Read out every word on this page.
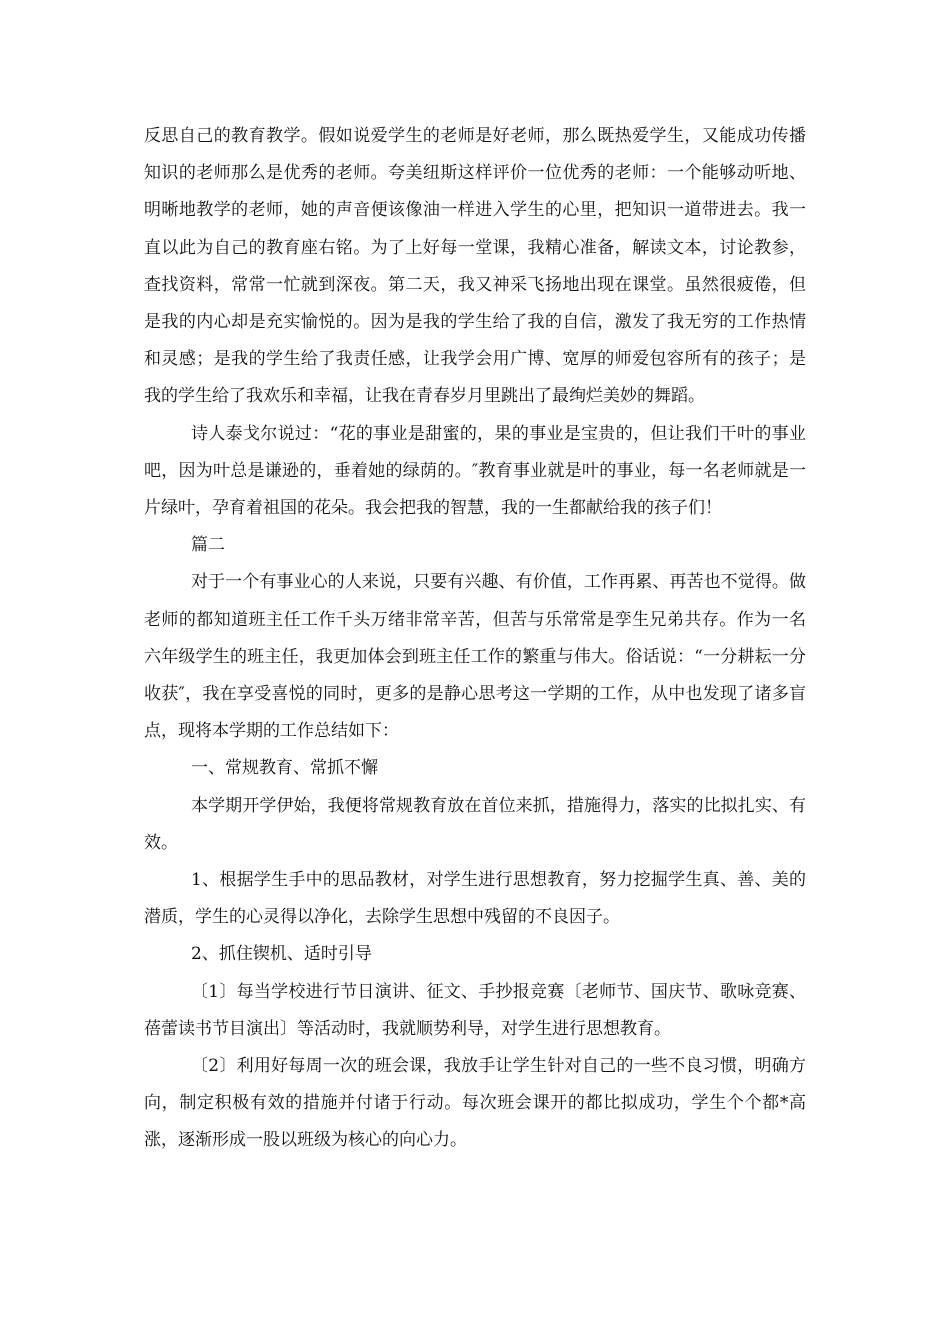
反思自己的教育教学。假如说爱学生的老师是好老师，那么既热爱学生，又能成功传播知识的老师那么是优秀的老师。夸美纽斯这样评价一位优秀的老师：一个能够动听地、明晰地教学的老师，她的声音便该像油一样进入学生的心里，把知识一道带进去。我一直以此为自己的教育座右铭。为了上好每一堂课，我精心准备，解读文本，讨论教参，查找资料，常常一忙就到深夜。第二天，我又神采飞扬地出现在课堂。虽然很疲倦，但是我的内心却是充实愉悦的。因为是我的学生给了我的自信，激发了我无穷的工作热情和灵感；是我的学生给了我责任感，让我学会用广博、宽厚的师爱包容所有的孩子；是我的学生给了我欢乐和幸福，让我在青春岁月里跳出了最绚烂美妙的舞蹈。

诗人泰戈尔说过：“花的事业是甜蜜的，果的事业是宝贵的，但让我们干叶的事业吧，因为叶总是谦逊的，垂着她的绿荫的。″教育事业就是叶的事业，每一名老师就是一片绿叶，孕育着祖国的花朵。我会把我的智慧，我的一生都献给我的孩子们！

篇二

对于一个有事业心的人来说，只要有兴趣、有价值，工作再累、再苦也不觉得。做老师的都知道班主任工作千头万绪非常辛苦，但苦与乐常常是孪生兄弟共存。作为一名六年级学生的班主任，我更加体会到班主任工作的繁重与伟大。俗话说：“一分耕耘一分收获″，我在享受喜悦的同时，更多的是静心思考这一学期的工作，从中也发现了诸多盲点，现将本学期的工作总结如下：

一、常规教育、常抓不懈

本学期开学伊始，我便将常规教育放在首位来抓，措施得力，落实的比拟扎实、有效。

1、根据学生手中的思品教材，对学生进行思想教育，努力挖掘学生真、善、美的潜质，学生的心灵得以净化，去除学生思想中残留的不良因子。

2、抓住锲机、适时引导

〔1〕每当学校进行节日演讲、征文、手抄报竞赛〔老师节、国庆节、歌咏竞赛、蓓蕾读书节目演出〕等活动时，我就顺势利导，对学生进行思想教育。

〔2〕利用好每周一次的班会课，我放手让学生针对自己的一些不良习惯，明确方向，制定积极有效的措施并付诸于行动。每次班会课开的都比拟成功，学生个个都*高涨，逐渐形成一股以班级为核心的向心力。
